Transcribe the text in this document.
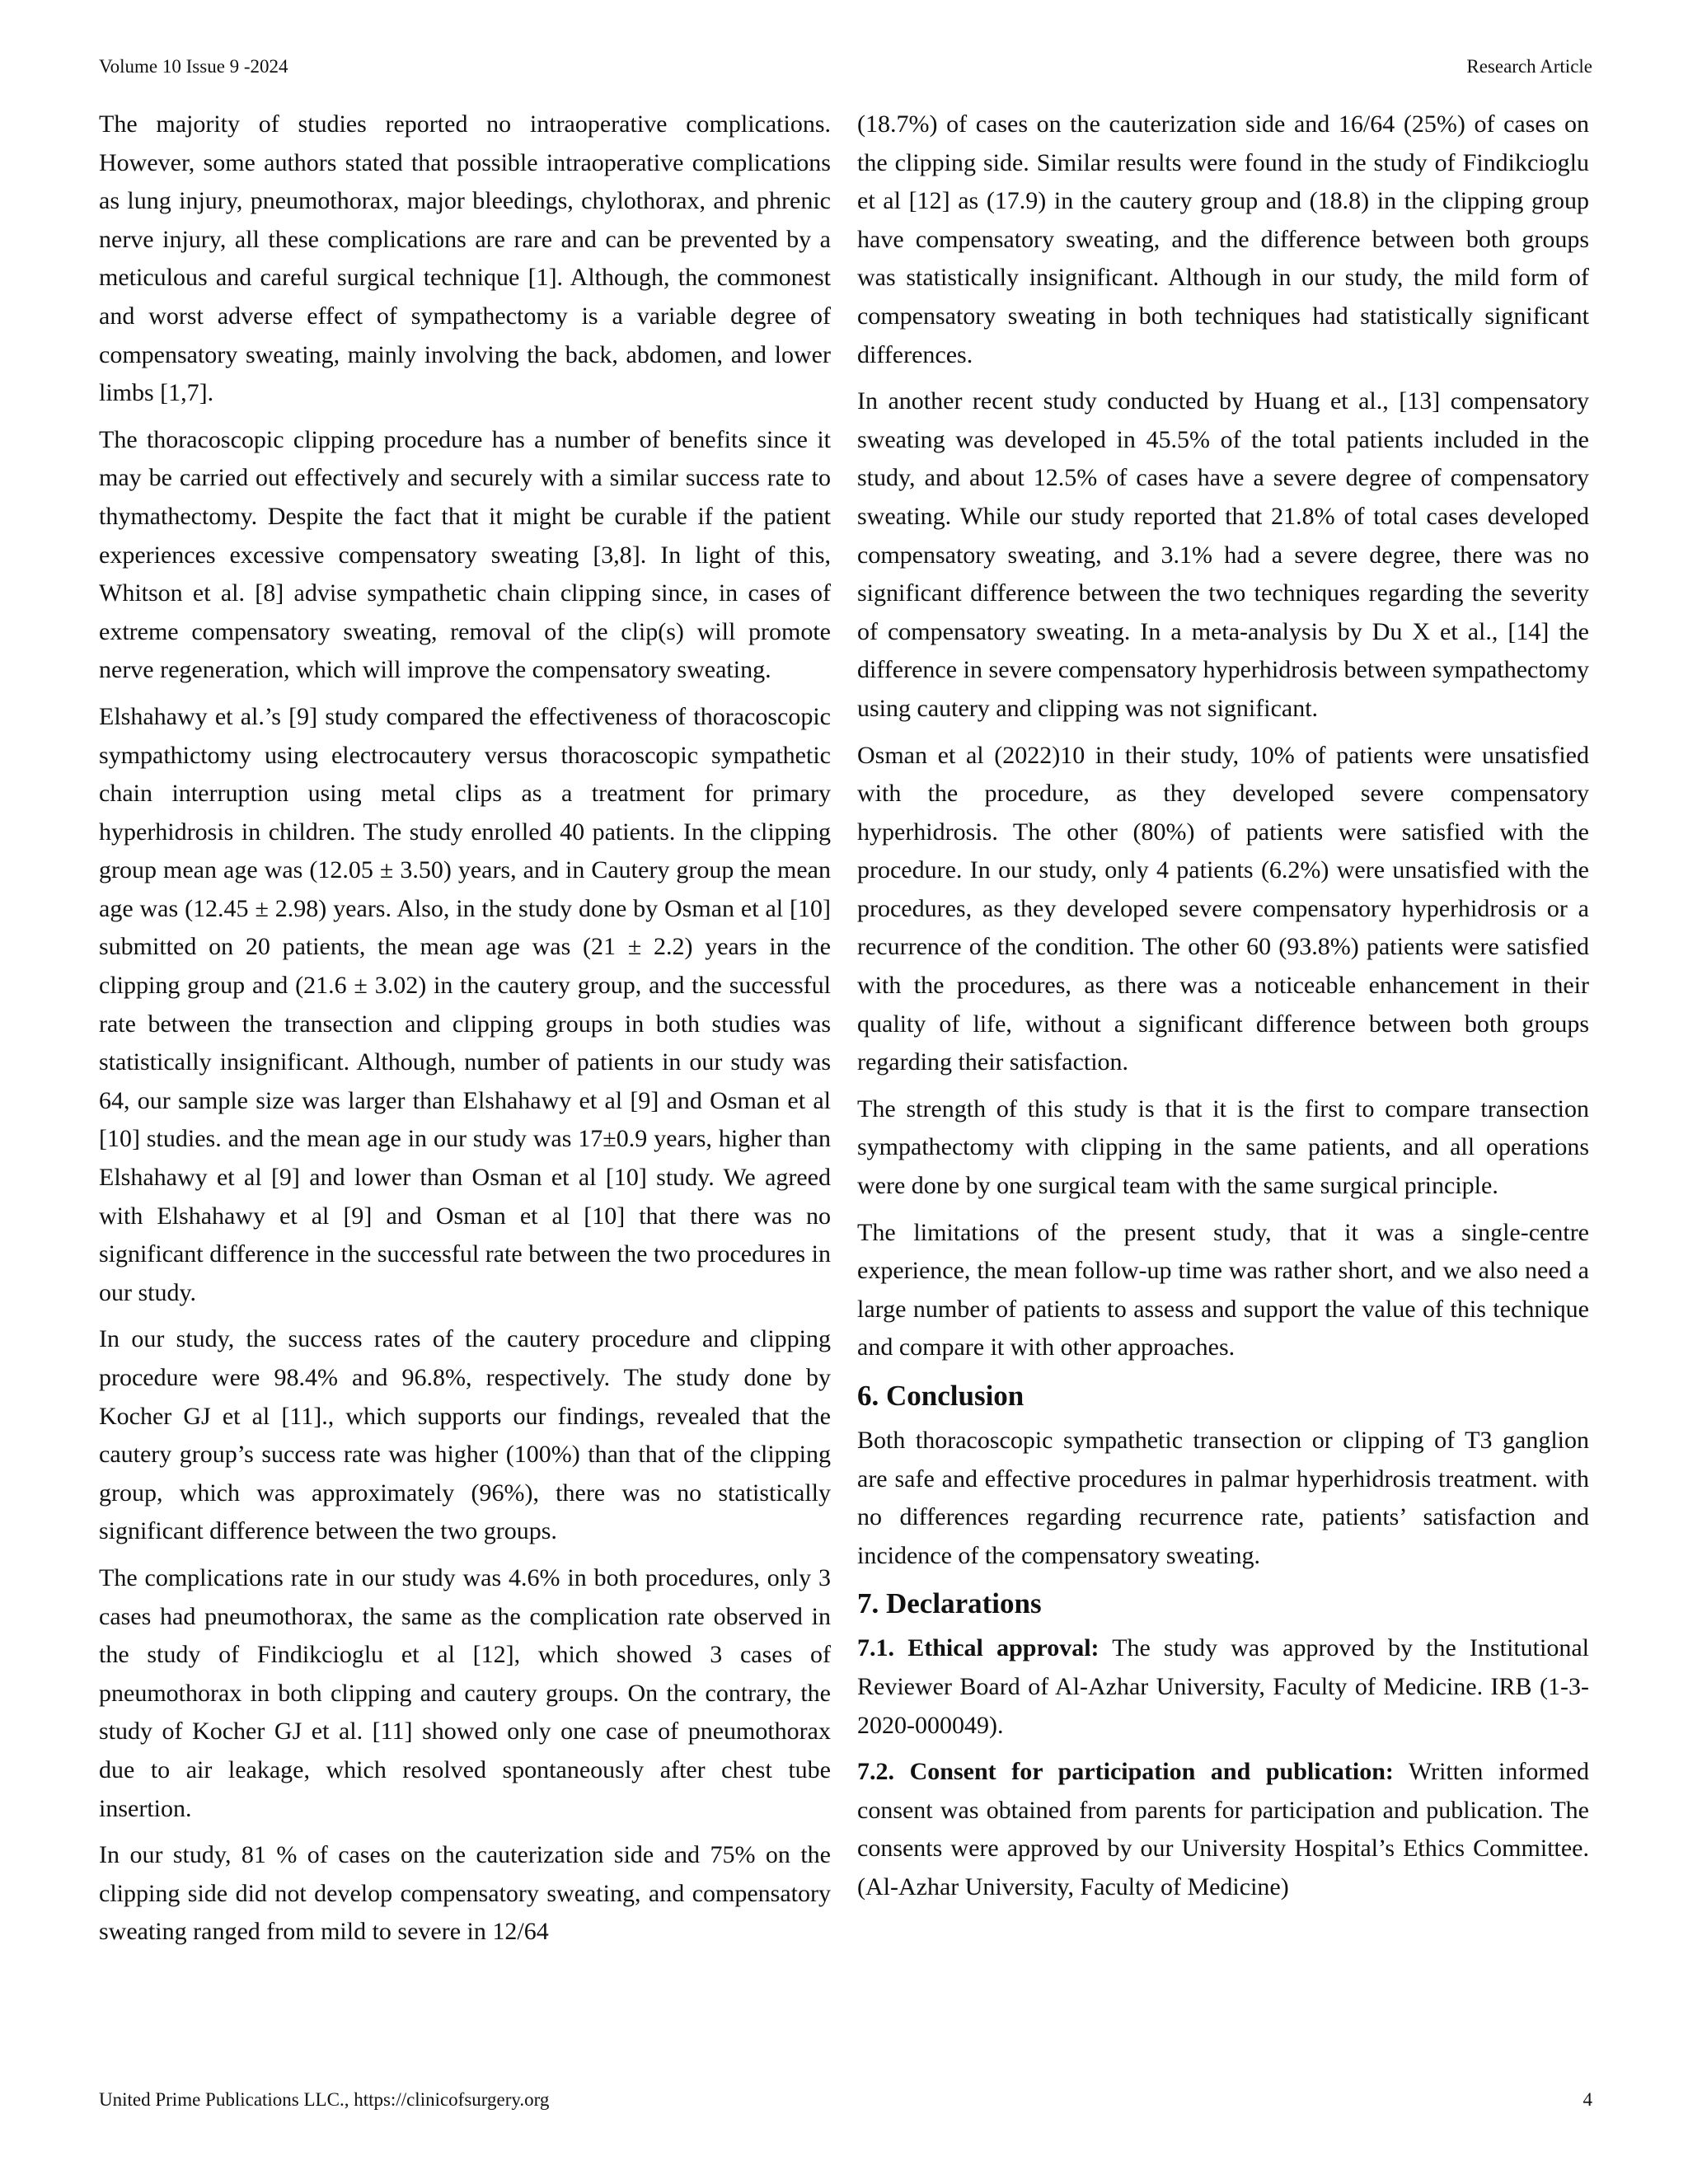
Volume 10 Issue 9 -2024	Research Article

The majority of studies reported no intraoperative complications. However, some authors stated that possible intraoperative complications as lung injury, pneumothorax, major bleedings, chylothorax, and phrenic nerve injury, all these complications are rare and can be prevented by a meticulous and careful surgical technique [1]. Although, the commonest and worst adverse effect of sympathectomy is a variable degree of compensatory sweating, mainly involving the back, abdomen, and lower limbs [1,7].

The thoracoscopic clipping procedure has a number of benefits since it may be carried out effectively and securely with a similar success rate to thymathectomy. Despite the fact that it might be curable if the patient experiences excessive compensatory sweating [3,8]. In light of this, Whitson et al. [8] advise sympathetic chain clipping since, in cases of extreme compensatory sweating, removal of the clip(s) will promote nerve regeneration, which will improve the compensatory sweating.

Elshahawy et al.’s [9] study compared the effectiveness of thoracoscopic sympathictomy using electrocautery versus thoracoscopic sympathetic chain interruption using metal clips as a treatment for primary hyperhidrosis in children. The study enrolled 40 patients. In the clipping group mean age was (12.05 ± 3.50) years, and in Cautery group the mean age was (12.45 ± 2.98) years. Also, in the study done by Osman et al [10] submitted on 20 patients, the mean age was (21 ± 2.2) years in the clipping group and (21.6 ± 3.02) in the cautery group, and the successful rate between the transection and clipping groups in both studies was statistically insignificant. Although, number of patients in our study was 64, our sample size was larger than Elshahawy et al [9] and Osman et al [10] studies. and the mean age in our study was 17±0.9 years, higher than Elshahawy et al [9] and lower than Osman et al [10] study. We agreed with Elshahawy et al [9] and Osman et al [10] that there was no significant difference in the successful rate between the two procedures in our study.

In our study, the success rates of the cautery procedure and clipping procedure were 98.4% and 96.8%, respectively. The study done by Kocher GJ et al [11]., which supports our findings, revealed that the cautery group’s success rate was higher (100%) than that of the clipping group, which was approximately (96%), there was no statistically significant difference between the two groups.

The complications rate in our study was 4.6% in both procedures, only 3 cases had pneumothorax, the same as the complication rate observed in the study of Findikcioglu et al [12], which showed 3 cases of pneumothorax in both clipping and cautery groups. On the contrary, the study of Kocher GJ et al. [11] showed only one case of pneumothorax due to air leakage, which resolved spontaneously after chest tube insertion.

In our study, 81 % of cases on the cauterization side and 75% on the clipping side did not develop compensatory sweating, and compensatory sweating ranged from mild to severe in 12/64

(18.7%) of cases on the cauterization side and 16/64 (25%) of cases on the clipping side. Similar results were found in the study of Findikcioglu et al [12] as (17.9) in the cautery group and (18.8) in the clipping group have compensatory sweating, and the difference between both groups was statistically insignificant. Although in our study, the mild form of compensatory sweating in both techniques had statistically significant differences.

In another recent study conducted by Huang et al., [13] compensatory sweating was developed in 45.5% of the total patients included in the study, and about 12.5% of cases have a severe degree of compensatory sweating. While our study reported that 21.8% of total cases developed compensatory sweating, and 3.1% had a severe degree, there was no significant difference between the two techniques regarding the severity of compensatory sweating. In a meta-analysis by Du X et al., [14] the difference in severe compensatory hyperhidrosis between sympathectomy using cautery and clipping was not significant.

Osman et al (2022)10 in their study, 10% of patients were unsatisfied with the procedure, as they developed severe compensatory hyperhidrosis. The other (80%) of patients were satisfied with the procedure. In our study, only 4 patients (6.2%) were unsatisfied with the procedures, as they developed severe compensatory hyperhidrosis or a recurrence of the condition. The other 60 (93.8%) patients were satisfied with the procedures, as there was a noticeable enhancement in their quality of life, without a significant difference between both groups regarding their satisfaction.

The strength of this study is that it is the first to compare transection sympathectomy with clipping in the same patients, and all operations were done by one surgical team with the same surgical principle.

The limitations of the present study, that it was a single-centre experience, the mean follow-up time was rather short, and we also need a large number of patients to assess and support the value of this technique and compare it with other approaches.

6. Conclusion

Both thoracoscopic sympathetic transection or clipping of T3 ganglion are safe and effective procedures in palmar hyperhidrosis treatment. with no differences regarding recurrence rate, patients’ satisfaction and incidence of the compensatory sweating.

7. Declarations

7.1. Ethical approval: The study was approved by the Institutional Reviewer Board of Al-Azhar University, Faculty of Medicine. IRB (1-3-2020-000049).

7.2. Consent for participation and publication: Written informed consent was obtained from parents for participation and publication. The consents were approved by our University Hospital’s Ethics Committee. (Al-Azhar University, Faculty of Medicine)

United Prime Publications LLC., https://clinicofsurgery.org	4
